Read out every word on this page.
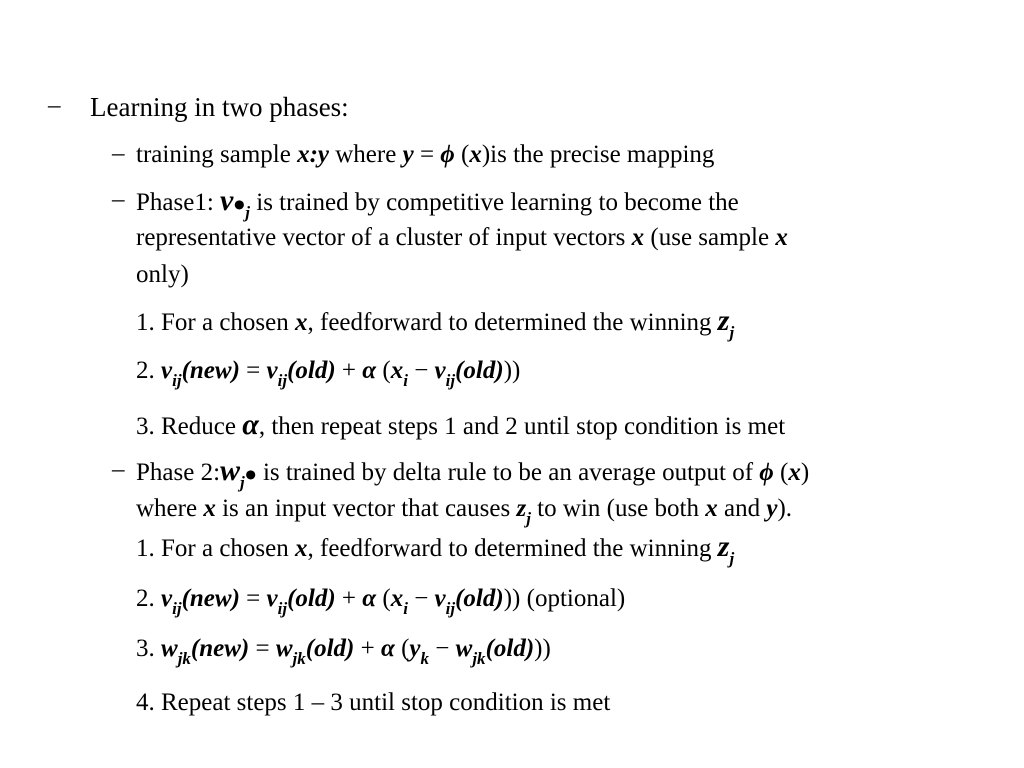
– Learning in two phases:
– training sample x:y where y = ϕ (x)is the precise mapping
– Phase1: $v•_j$ is trained by competitive learning to become the
representative vector of a cluster of input vectors x (use sample x
only)
1. For a chosen x, feedforward to determined the winning $z_j$
2. $v_{ij}(new) = v_{ij}(old) + \alpha$ $(x_i - v_{ij}(old))$)
3. Reduce α, then repeat steps 1 and 2 until stop condition is met
– Phase $2:w_j•$ is trained by delta rule to be an average output of ϕ (x)
where x is an input vector that causes $z_j$ to win (use both x and y).
1. For a chosen x, feedforward to determined the winning $z_j$
2. $v_{ij}(new) = v_{ij}(old) + \alpha$ $(x_i - v_{ij}(old))$) (optional)
3. $w_{jk}(new) = w_{jk}(old) + \alpha$ $(y_k - w_{jk}(old))$)
4. Repeat steps 1 – 3 until stop condition is met
